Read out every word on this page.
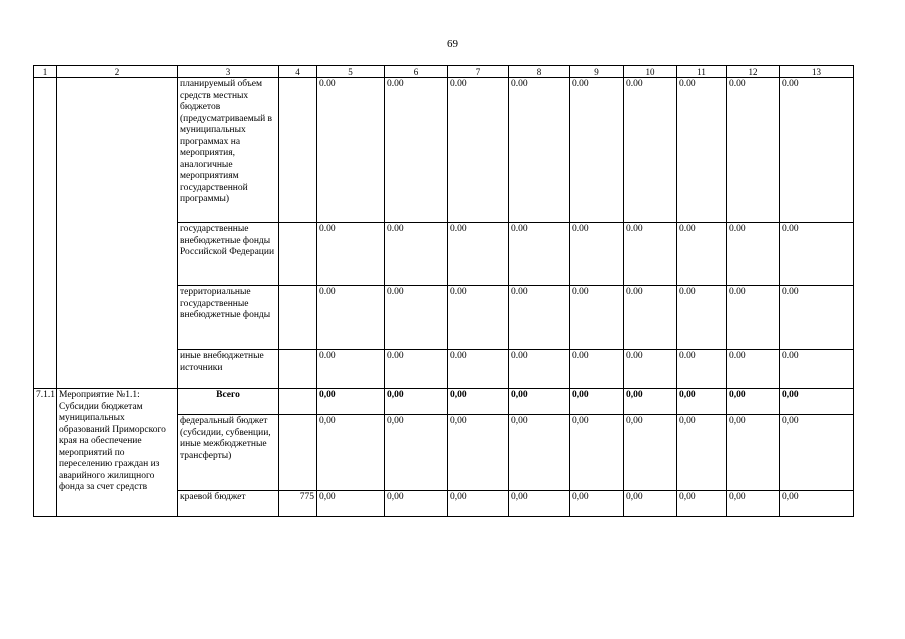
69
1	2	3	4	5	6	7	8	9	10	11	12	13
		планируемый объем средств местных бюджетов (предусматриваемый в муниципальных программах на мероприятия, аналогичные мероприятиям государственной программы)		0.00	0.00	0.00	0.00	0.00	0.00	0.00	0.00	0.00
		государственные внебюджетные фонды Российской Федерации		0.00	0.00	0.00	0.00	0.00	0.00	0.00	0.00	0.00
		территориальные государственные внебюджетные фонды		0.00	0.00	0.00	0.00	0.00	0.00	0.00	0.00	0.00
		иные внебюджетные источники		0.00	0.00	0.00	0.00	0.00	0.00	0.00	0.00	0.00
7.1.1	Мероприятие №1.1: Субсидии бюджетам муниципальных образований Приморского края на обеспечение мероприятий по переселению граждан из аварийного жилищного фонда за счет средств	Всего		0,00	0,00	0,00	0,00	0,00	0,00	0,00	0,00	0,00
		федеральный бюджет (субсидии, субвенции, иные межбюджетные трансферты)		0,00	0,00	0,00	0,00	0,00	0,00	0,00	0,00	0,00
		краевой бюджет	775	0,00	0,00	0,00	0,00	0,00	0,00	0,00	0,00	0,00
